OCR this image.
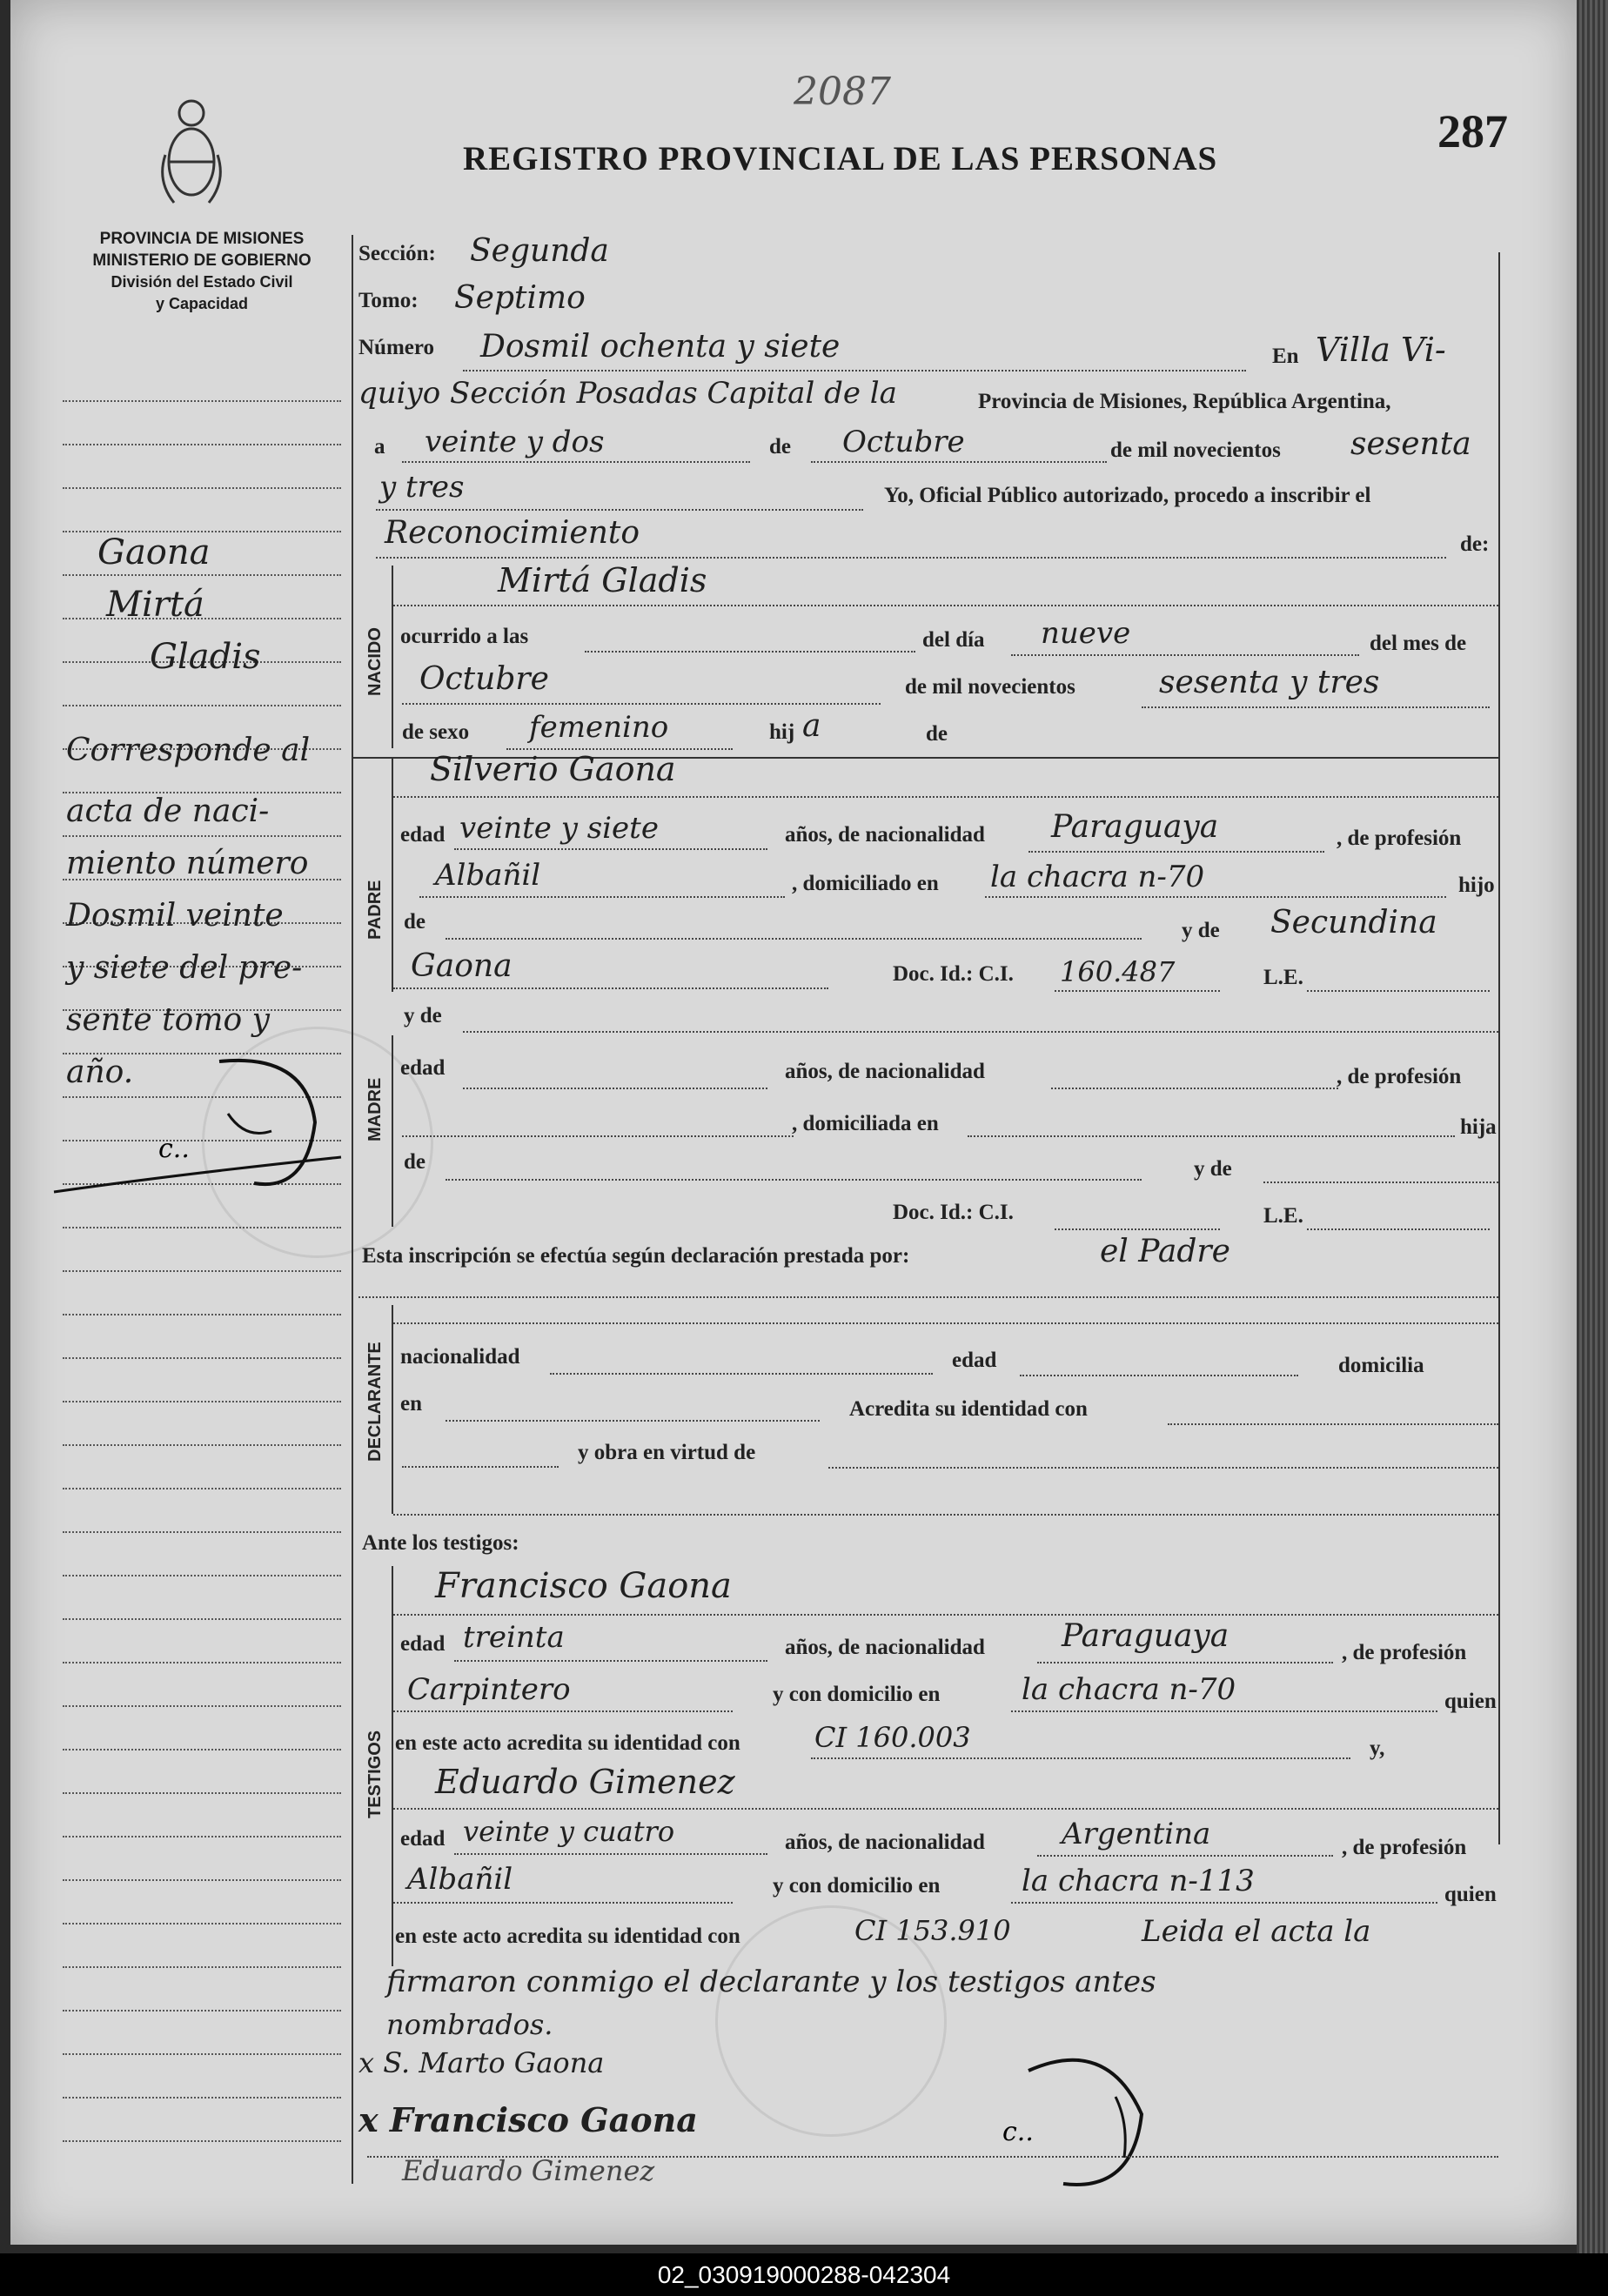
2087
287
REGISTRO PROVINCIAL DE LAS PERSONAS
PROVINCIA DE MISIONES
MINISTERIO DE GOBIERNO
División del Estado Civil
y Capacidad
Gaona
Mirtá
Gladis
Corresponde al
acta de naci-
miento número
Dosmil veinte
y siete del pre-
sente tomo y
año.
c..
Sección: Segunda
Tomo: Septimo
Número Dosmil ochenta y siete	En Villa Vi-
quiyo Sección Posadas Capital de la	Provincia de Misiones, República Argentina,
a veinte y dos	de Octubre	de mil novecientos sesenta
y tres	Yo, Oficial Público autorizado, procedo a inscribir el
Reconocimiento	de:
NACIDO
Mirtá Gladis
ocurrido a las	del día nueve	del mes de
Octubre	de mil novecientos	sesenta y tres
de sexo femenino	hij a	de
PADRE
Silverio Gaona
edad veinte y siete	años, de nacionalidad Paraguaya	, de profesión
Albañil	, domiciliado en la chacra n-70	hijo
de	y de Secundina
Gaona	Doc. Id.: C.I. 160.487	L.E.
y de
MADRE
edad	años, de nacionalidad	, de profesión
, domiciliada en	hija
de	y de
Doc. Id.: C.I.	L.E.
Esta inscripción se efectúa según declaración prestada por:	el Padre
DECLARANTE nacionalidad	edad	domicilia
en	Acredita su identidad con
y obra en virtud de
Ante los testigos:
TESTIGOS
Francisco Gaona
edad treinta	años, de nacionalidad Paraguaya	, de profesión
Carpintero	y con domicilio en	la chacra n-70	quien
en este acto acredita su identidad con	CI 160.003	y,
Eduardo Gimenez
edad veinte y cuatro	años, de nacionalidad	Argentina	, de profesión
Albañil	y con domicilio en	la chacra n-113	quien
en este acto acredita su identidad con	CI 153.910	Leida el acta la
firmaron conmigo el declarante y los testigos antes
nombrados.
x S. Marto Gaona
x Francisco Gaona
Eduardo Gimenez
c..
02_030919000288-042304
